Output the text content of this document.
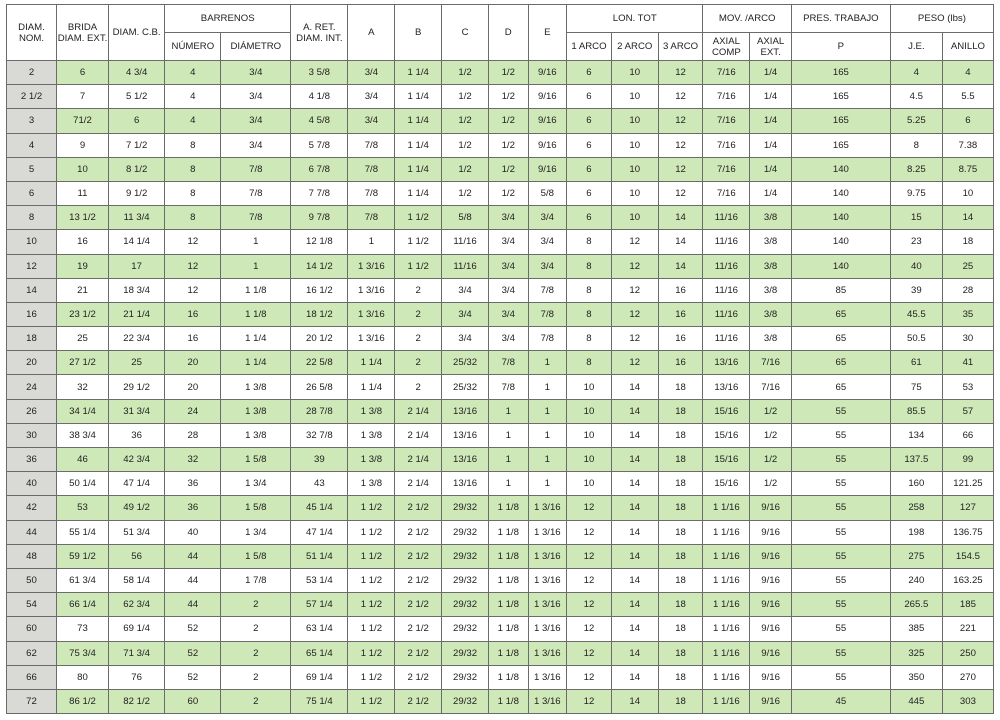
DIAM. NOM.	BRIDA DIAM. EXT.	DIAM. C.B.	BARRENOS		A. RET. DIAM. INT.	A	B	C	D	E	LON. TOT			MOV. /ARCO		PRES. TRABAJO	PESO (lbs)	
			NÚMERO	DIÁMETRO							1 ARCO	2 ARCO	3 ARCO	AXIAL COMP	AXIAL EXT.	P	J.E.	ANILLO
2	6	4 3/4	4	3/4	3 5/8	3/4	1 1/4	1/2	1/2	9/16	6	10	12	7/16	1/4	165	4	4
2 1/2	7	5 1/2	4	3/4	4 1/8	3/4	1 1/4	1/2	1/2	9/16	6	10	12	7/16	1/4	165	4.5	5.5
3	71/2	6	4	3/4	4 5/8	3/4	1 1/4	1/2	1/2	9/16	6	10	12	7/16	1/4	165	5.25	6
4	9	7 1/2	8	3/4	5 7/8	7/8	1 1/4	1/2	1/2	9/16	6	10	12	7/16	1/4	165	8	7.38
5	10	8 1/2	8	7/8	6 7/8	7/8	1 1/4	1/2	1/2	9/16	6	10	12	7/16	1/4	140	8.25	8.75
6	11	9 1/2	8	7/8	7 7/8	7/8	1 1/4	1/2	1/2	5/8	6	10	12	7/16	1/4	140	9.75	10
8	13 1/2	11 3/4	8	7/8	9 7/8	7/8	1 1/2	5/8	3/4	3/4	6	10	14	11/16	3/8	140	15	14
10	16	14 1/4	12	1	12 1/8	1	1 1/2	11/16	3/4	3/4	8	12	14	11/16	3/8	140	23	18
12	19	17	12	1	14 1/2	1 3/16	1 1/2	11/16	3/4	3/4	8	12	14	11/16	3/8	140	40	25
14	21	18 3/4	12	1 1/8	16 1/2	1 3/16	2	3/4	3/4	7/8	8	12	16	11/16	3/8	85	39	28
16	23 1/2	21 1/4	16	1 1/8	18 1/2	1 3/16	2	3/4	3/4	7/8	8	12	16	11/16	3/8	65	45.5	35
18	25	22 3/4	16	1 1/4	20 1/2	1 3/16	2	3/4	3/4	7/8	8	12	16	11/16	3/8	65	50.5	30
20	27 1/2	25	20	1 1/4	22 5/8	1 1/4	2	25/32	7/8	1	8	12	16	13/16	7/16	65	61	41
24	32	29 1/2	20	1 3/8	26 5/8	1 1/4	2	25/32	7/8	1	10	14	18	13/16	7/16	65	75	53
26	34 1/4	31 3/4	24	1 3/8	28 7/8	1 3/8	2 1/4	13/16	1	1	10	14	18	15/16	1/2	55	85.5	57
30	38 3/4	36	28	1 3/8	32 7/8	1 3/8	2 1/4	13/16	1	1	10	14	18	15/16	1/2	55	134	66
36	46	42 3/4	32	1 5/8	39	1 3/8	2 1/4	13/16	1	1	10	14	18	15/16	1/2	55	137.5	99
40	50 1/4	47 1/4	36	1 3/4	43	1 3/8	2 1/4	13/16	1	1	10	14	18	15/16	1/2	55	160	121.25
42	53	49 1/2	36	1 5/8	45 1/4	1 1/2	2 1/2	29/32	1 1/8	1 3/16	12	14	18	1 1/16	9/16	55	258	127
44	55 1/4	51 3/4	40	1 3/4	47 1/4	1 1/2	2 1/2	29/32	1 1/8	1 3/16	12	14	18	1 1/16	9/16	55	198	136.75
48	59 1/2	56	44	1 5/8	51 1/4	1 1/2	2 1/2	29/32	1 1/8	1 3/16	12	14	18	1 1/16	9/16	55	275	154.5
50	61 3/4	58 1/4	44	1 7/8	53 1/4	1 1/2	2 1/2	29/32	1 1/8	1 3/16	12	14	18	1 1/16	9/16	55	240	163.25
54	66 1/4	62 3/4	44	2	57 1/4	1 1/2	2 1/2	29/32	1 1/8	1 3/16	12	14	18	1 1/16	9/16	55	265.5	185
60	73	69 1/4	52	2	63 1/4	1 1/2	2 1/2	29/32	1 1/8	1 3/16	12	14	18	1 1/16	9/16	55	385	221
62	75 3/4	71 3/4	52	2	65 1/4	1 1/2	2 1/2	29/32	1 1/8	1 3/16	12	14	18	1 1/16	9/16	55	325	250
66	80	76	52	2	69 1/4	1 1/2	2 1/2	29/32	1 1/8	1 3/16	12	14	18	1 1/16	9/16	55	350	270
72	86 1/2	82 1/2	60	2	75 1/4	1 1/2	2 1/2	29/32	1 1/8	1 3/16	12	14	18	1 1/16	9/16	45	445	303
